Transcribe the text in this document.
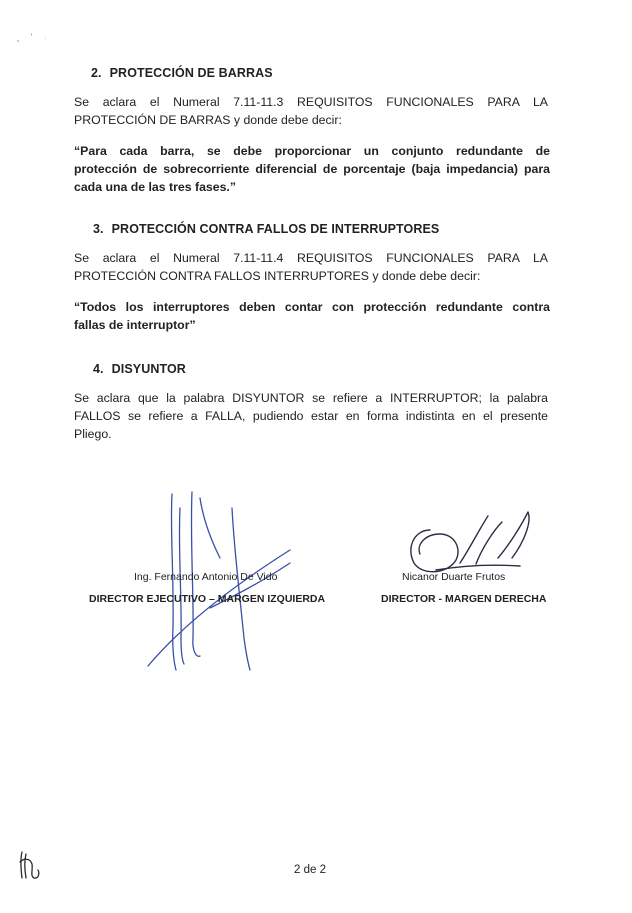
2. PROTECCIÓN DE BARRAS
Se aclara el Numeral 7.11-11.3 REQUISITOS FUNCIONALES PARA LA
PROTECCIÓN DE BARRAS y donde debe decir:
“Para cada barra, se debe proporcionar un conjunto redundante de
protección de sobrecorriente diferencial de porcentaje (baja impedancia) para
cada una de las tres fases.”
3. PROTECCIÓN CONTRA FALLOS DE INTERRUPTORES
Se aclara el Numeral 7.11-11.4 REQUISITOS FUNCIONALES PARA LA
PROTECCIÓN CONTRA FALLOS INTERRUPTORES y donde debe decir:
“Todos los interruptores deben contar con protección redundante contra
fallas de interruptor”
4. DISYUNTOR
Se aclara que la palabra DISYUNTOR se refiere a INTERRUPTOR; la palabra
FALLOS se refiere a FALLA, pudiendo estar en forma indistinta en el presente
Pliego.
Ing. Fernando Antonio De Vido
DIRECTOR EJECUTIVO – MARGEN IZQUIERDA
Nicanor Duarte Frutos
DIRECTOR - MARGEN DERECHA
2 de 2
